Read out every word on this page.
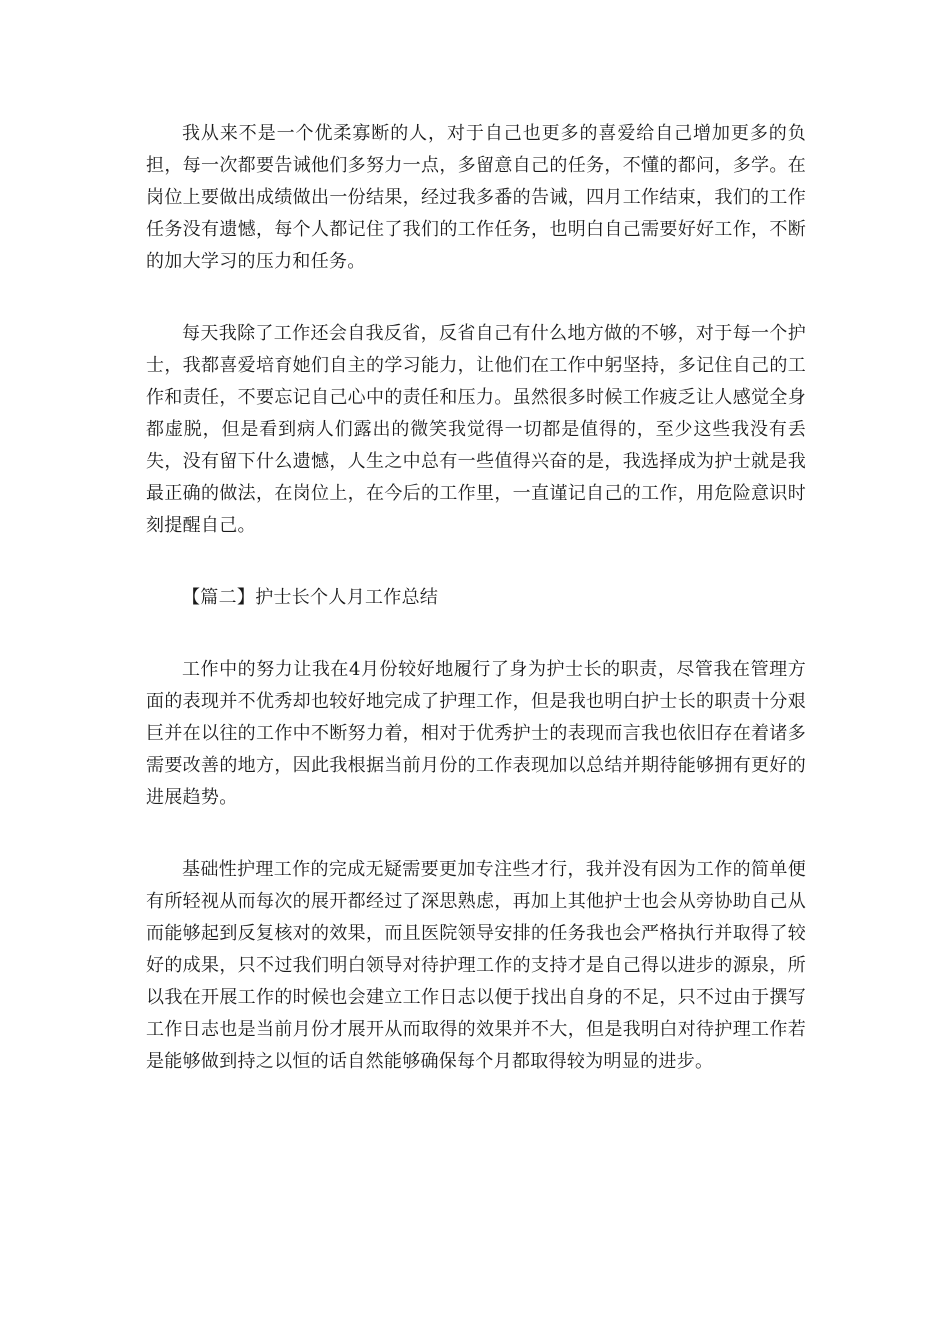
我从来不是一个优柔寡断的人，对于自己也更多的喜爱给自己增加更多的负担，每一次都要告诫他们多努力一点，多留意自己的任务，不懂的都问，多学。在岗位上要做出成绩做出一份结果，经过我多番的告诫，四月工作结束，我们的工作任务没有遗憾，每个人都记住了我们的工作任务，也明白自己需要好好工作，不断的加大学习的压力和任务。

每天我除了工作还会自我反省，反省自己有什么地方做的不够，对于每一个护士，我都喜爱培育她们自主的学习能力，让他们在工作中躬坚持，多记住自己的工作和责任，不要忘记自己心中的责任和压力。虽然很多时候工作疲乏让人感觉全身都虚脱，但是看到病人们露出的微笑我觉得一切都是值得的，至少这些我没有丢失，没有留下什么遗憾，人生之中总有一些值得兴奋的是，我选择成为护士就是我最正确的做法，在岗位上，在今后的工作里，一直谨记自己的工作，用危险意识时刻提醒自己。

【篇二】护士长个人月工作总结

工作中的努力让我在4月份较好地履行了身为护士长的职责，尽管我在管理方面的表现并不优秀却也较好地完成了护理工作，但是我也明白护士长的职责十分艰巨并在以往的工作中不断努力着，相对于优秀护士的表现而言我也依旧存在着诸多需要改善的地方，因此我根据当前月份的工作表现加以总结并期待能够拥有更好的进展趋势。

基础性护理工作的完成无疑需要更加专注些才行，我并没有因为工作的简单便有所轻视从而每次的展开都经过了深思熟虑，再加上其他护士也会从旁协助自己从而能够起到反复核对的效果，而且医院领导安排的任务我也会严格执行并取得了较好的成果，只不过我们明白领导对待护理工作的支持才是自己得以进步的源泉，所以我在开展工作的时候也会建立工作日志以便于找出自身的不足，只不过由于撰写工作日志也是当前月份才展开从而取得的效果并不大，但是我明白对待护理工作若是能够做到持之以恒的话自然能够确保每个月都取得较为明显的进步。
